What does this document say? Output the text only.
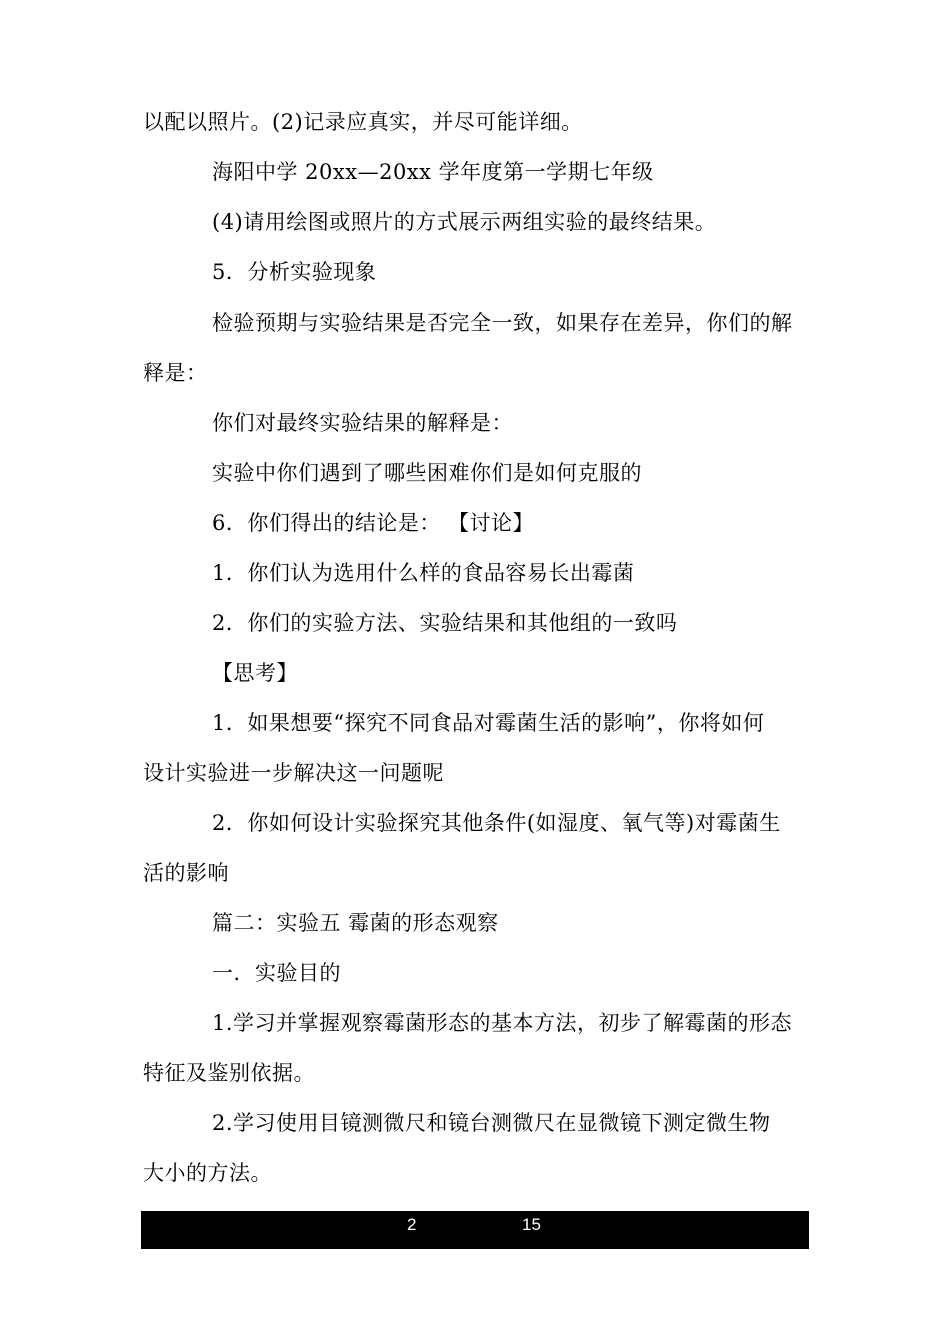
以配以照片。(2)记录应真实，并尽可能详细。
海阳中学 20xx—20xx 学年度第一学期七年级
(4)请用绘图或照片的方式展示两组实验的最终结果。
5．分析实验现象
检验预期与实验结果是否完全一致，如果存在差异，你们的解
释是：
你们对最终实验结果的解释是：
实验中你们遇到了哪些困难你们是如何克服的
6．你们得出的结论是： 【讨论】
1．你们认为选用什么样的食品容易长出霉菌
2．你们的实验方法、实验结果和其他组的一致吗
【思考】
1．如果想要“探究不同食品对霉菌生活的影响”，你将如何
设计实验进一步解决这一问题呢
2．你如何设计实验探究其他条件(如湿度、氧气等)对霉菌生
活的影响
篇二：实验五 霉菌的形态观察
一．实验目的
1.学习并掌握观察霉菌形态的基本方法，初步了解霉菌的形态
特征及鉴别依据。
2.学习使用目镜测微尺和镜台测微尺在显微镜下测定微生物
大小的方法。
2	15
